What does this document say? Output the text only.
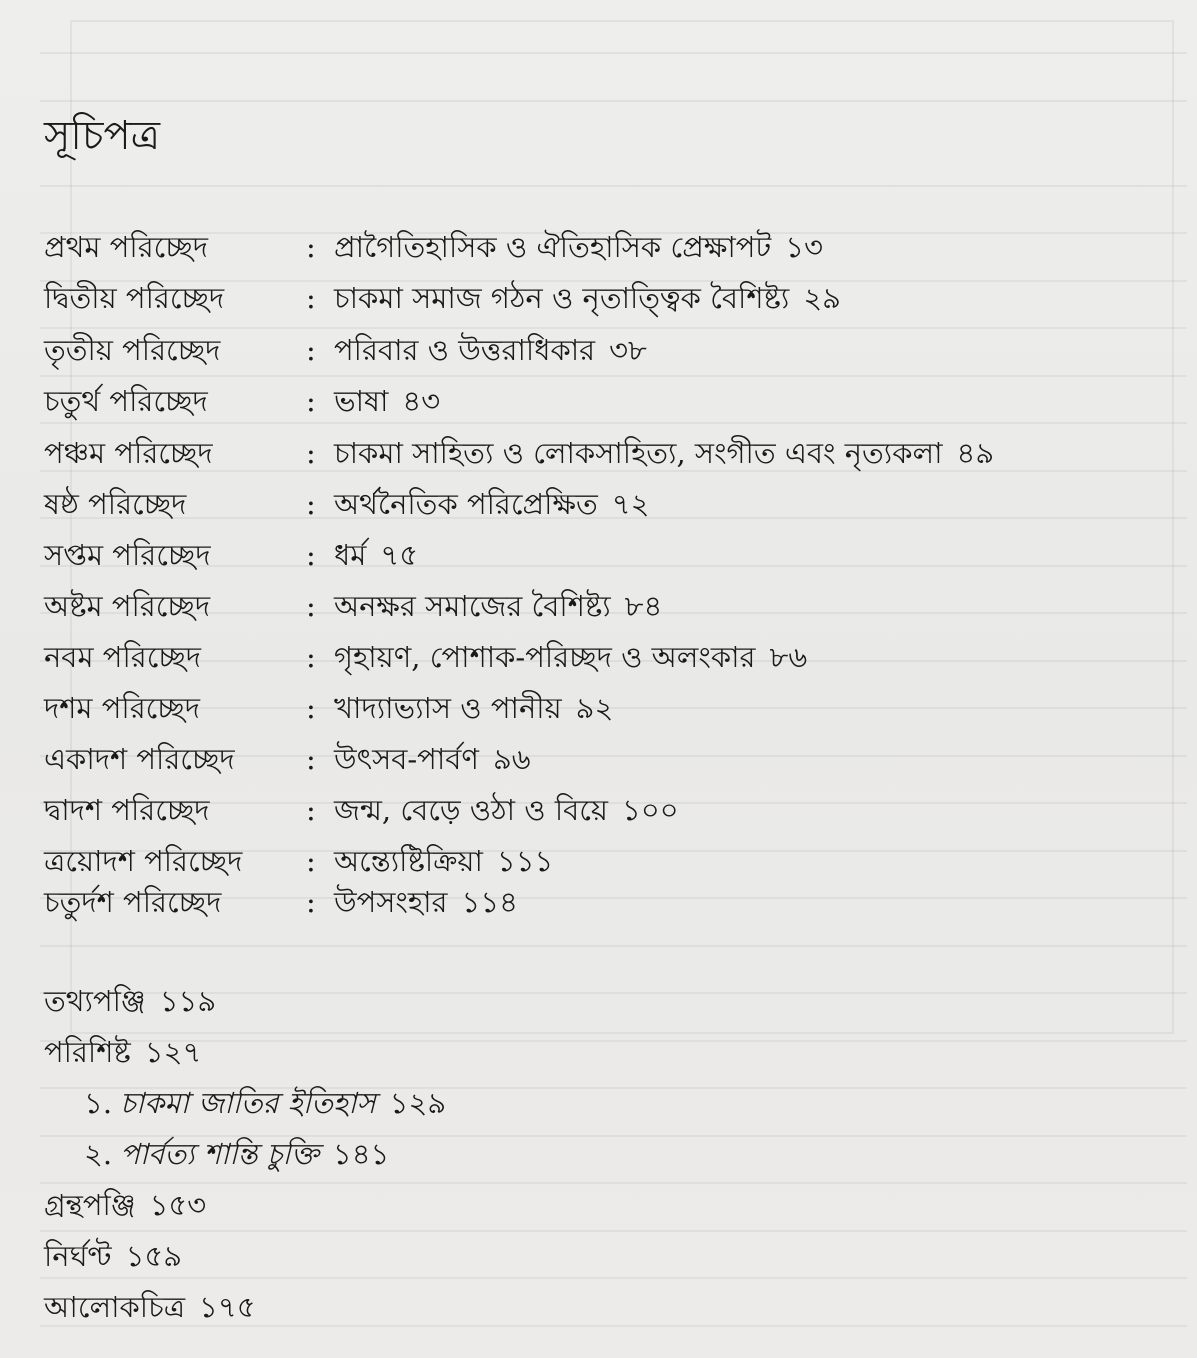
সূচিপত্র
প্রথম পরিচ্ছেদ	: প্রাগৈতিহাসিক ও ঐতিহাসিক প্রেক্ষাপট ১৩
দ্বিতীয় পরিচ্ছেদ	: চাকমা সমাজ গঠন ও নৃতাত্ত্বিক বৈশিষ্ট্য ২৯
তৃতীয় পরিচ্ছেদ	: পরিবার ও উত্তরাধিকার ৩৮
চতুর্থ পরিচ্ছেদ	: ভাষা ৪৩
পঞ্চম পরিচ্ছেদ	: চাকমা সাহিত্য ও লোকসাহিত্য, সংগীত এবং নৃত্যকলা ৪৯
ষষ্ঠ পরিচ্ছেদ	: অর্থনৈতিক পরিপ্রেক্ষিত ৭২
সপ্তম পরিচ্ছেদ	: ধর্ম ৭৫
অষ্টম পরিচ্ছেদ	: অনক্ষর সমাজের বৈশিষ্ট্য ৮৪
নবম পরিচ্ছেদ	: গৃহায়ণ, পোশাক-পরিচ্ছদ ও অলংকার ৮৬
দশম পরিচ্ছেদ	: খাদ্যাভ্যাস ও পানীয় ৯২
একাদশ পরিচ্ছেদ : উৎসব-পার্বণ ৯৬
দ্বাদশ পরিচ্ছেদ	: জন্ম, বেড়ে ওঠা ও বিয়ে ১০০
ত্রয়োদশ পরিচ্ছেদ : অন্ত্যেষ্টিক্রিয়া ১১১
চতুর্দশ পরিচ্ছেদ	: উপসংহার ১১৪
তথ্যপঞ্জি ১১৯
পরিশিষ্ট ১২৭
১. চাকমা জাতির ইতিহাস ১২৯
২. পার্বত্য শান্তি চুক্তি ১৪১
গ্রন্থপঞ্জি ১৫৩
নির্ঘণ্ট ১৫৯
আলোকচিত্র ১৭৫
